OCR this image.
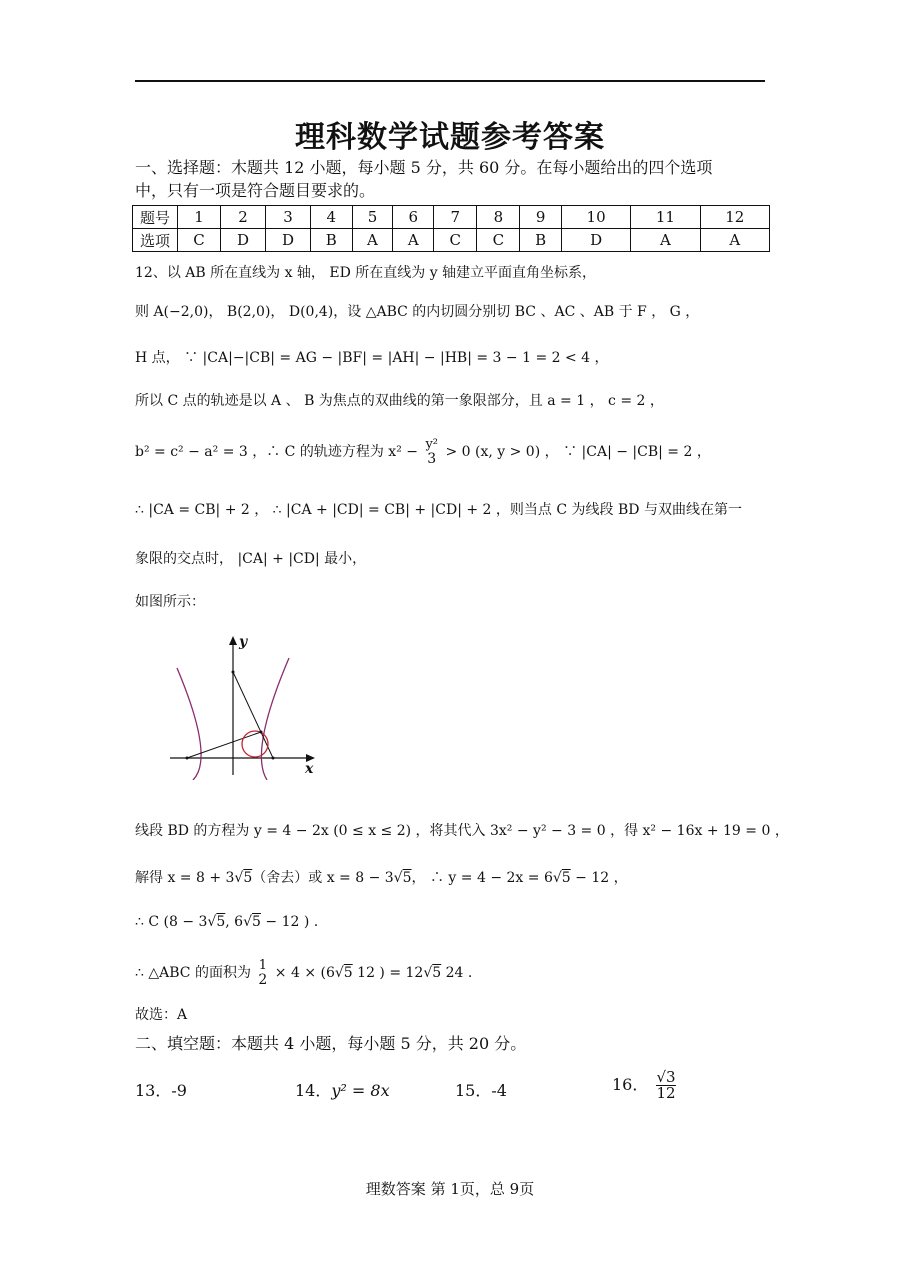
理科数学试题参考答案
一、选择题：木题共 12 小题，每小题 5 分，共 60 分。在每小题给出的四个选项
中，只有一项是符合题目要求的。
题号	1	2	3	4	5	6	7	8	9	10	11	12
选项	C	D	D	B	A	A	C	C	B	D	A	A
12、以 AB 所在直线为 x 轴， ED 所在直线为 y 轴建立平面直角坐标系，
则 A(−2,0)， B(2,0)， D(0,4)，设 △ABC 的内切圆分别切 BC 、AC 、AB 于 F ， G ，
H 点， ∵ |CA|−|CB| = AG − |BF| = |AH| − |HB| = 3 − 1 = 2 < 4 ，
所以 C 点的轨迹是以 A 、 B 为焦点的双曲线的第一象限部分，且 a = 1 ， c = 2 ，
b² = c² − a² = 3 ，∴ C 的轨迹方程为 x² − y²
3 > 0 (x, y > 0) ， ∵ |CA| − |CB| = 2 ，
∴ |CA = CB| + 2 ， ∴ |CA + |CD| = CB| + |CD| + 2 ，则当点 C 为线段 BD 与双曲线在第一
象限的交点时， |CA| + |CD| 最小，
如图所示：
y
x
线段 BD 的方程为 y = 4 − 2x (0 ≤ x ≤ 2) ，将其代入 3x² − y² − 3 = 0 ，得 x² − 16x + 19 = 0 ，
解得 x = 8 + 3√5（舍去）或 x = 8 − 3√5， ∴ y = 4 − 2x = 6√5 − 12 ，
∴ C (8 − 3√5, 6√5 − 12 ) .
∴ △ABC 的面积为 1
2 × 4 × (6√5 12 ) = 12√5 24 .
故选：A
二、填空题：本题共 4 小题，每小题 5 分，共 20 分。
13．-9	14．y² = 8x	15．-4	16． $\frac{√3}{12}$
理数答案 第 1页，总 9页
